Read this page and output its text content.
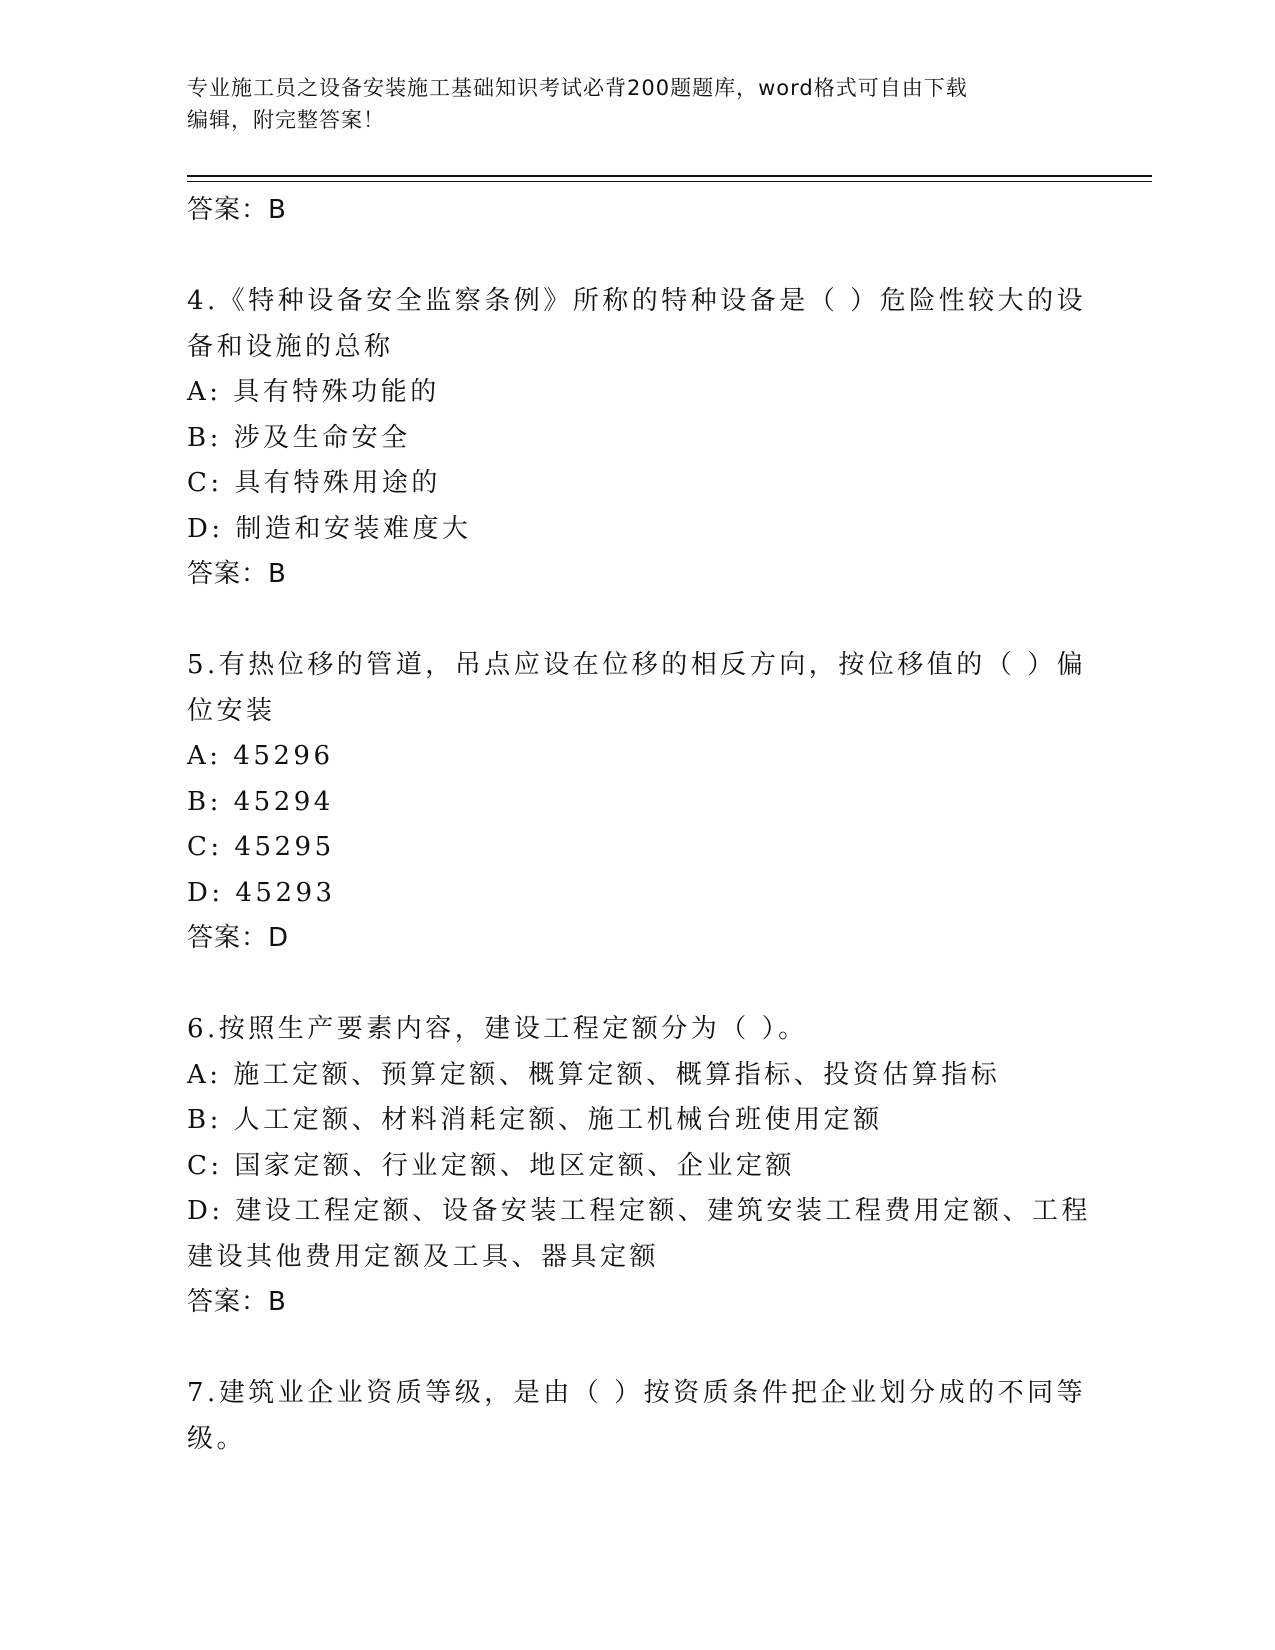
专业施工员之设备安装施工基础知识考试必背200题题库，word格式可自由下载
编辑，附完整答案！
答案：B
4.《特种设备安全监察条例》所称的特种设备是（ ）危险性较大的设
备和设施的总称
A: 具有特殊功能的
B: 涉及生命安全
C: 具有特殊用途的
D: 制造和安装难度大
答案：B
5.有热位移的管道，吊点应设在位移的相反方向，按位移值的（ ）偏
位安装
A: 45296
B: 45294
C: 45295
D: 45293
答案：D
6.按照生产要素内容，建设工程定额分为（ ）。
A: 施工定额、预算定额、概算定额、概算指标、投资估算指标
B: 人工定额、材料消耗定额、施工机械台班使用定额
C: 国家定额、行业定额、地区定额、企业定额
D: 建设工程定额、设备安装工程定额、建筑安装工程费用定额、工程
建设其他费用定额及工具、器具定额
答案：B
7.建筑业企业资质等级，是由（ ）按资质条件把企业划分成的不同等
级。
